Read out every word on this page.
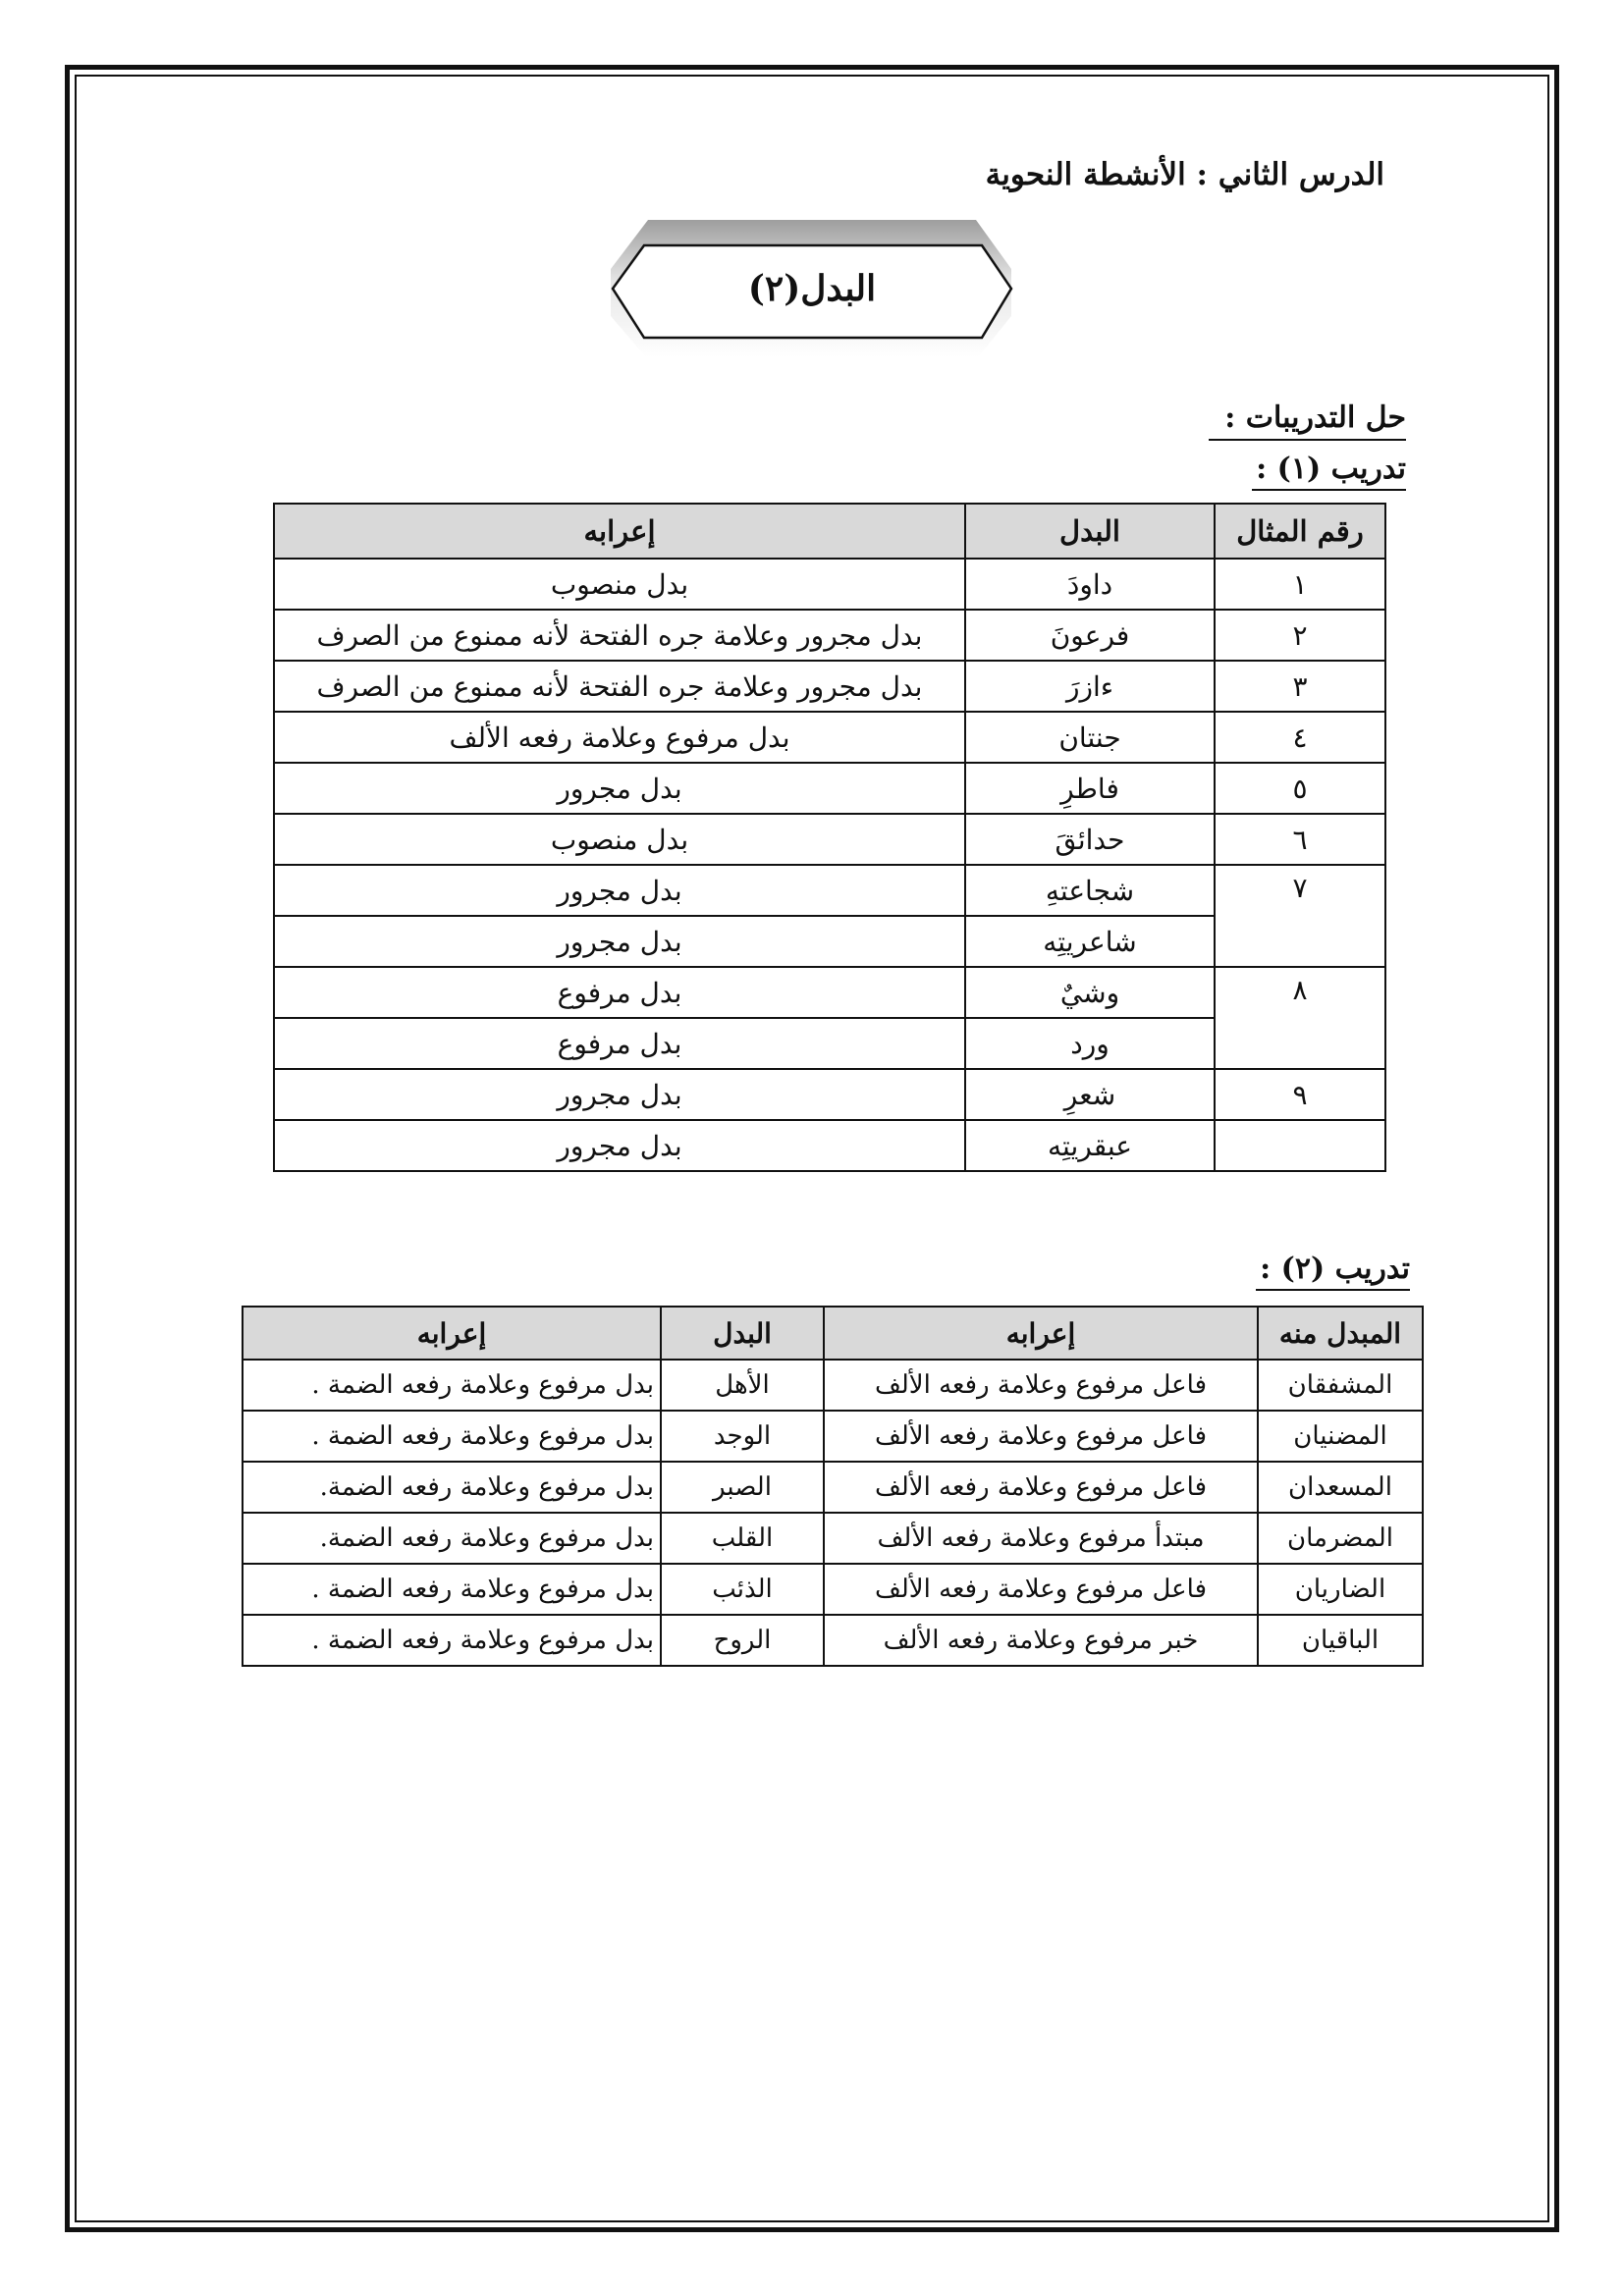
الدرس الثاني : الأنشطة النحوية
البدل(٢)
حل التدريبات :
تدريب (١) :
رقم المثال	البدل	إعرابه
١	داودَ	بدل منصوب
٢	فرعونَ	بدل مجرور وعلامة جره الفتحة لأنه ممنوع من الصرف
٣	ءازرَ	بدل مجرور وعلامة جره الفتحة لأنه ممنوع من الصرف
٤	جنتان	بدل مرفوع وعلامة رفعه الألف
٥	فاطرِ	بدل مجرور
٦	حدائقَ	بدل منصوب
٧	شجاعتهِ	بدل مجرور
	شاعريتِه	بدل مجرور
٨	وشيٌ	بدل مرفوع
	ورد	بدل مرفوع
٩	شعرِ	بدل مجرور
	عبقريتِه	بدل مجرور
تدريب (٢) :
المبدل منه	إعرابه	البدل	إعرابه
المشفقان	فاعل مرفوع وعلامة رفعه الألف	الأهل	بدل مرفوع وعلامة رفعه الضمة .
المضنيان	فاعل مرفوع وعلامة رفعه الألف	الوجد	بدل مرفوع وعلامة رفعه الضمة .
المسعدان	فاعل مرفوع وعلامة رفعه الألف	الصبر	بدل مرفوع وعلامة رفعه الضمة.
المضرمان	مبتدأ مرفوع وعلامة رفعه الألف	القلب	بدل مرفوع وعلامة رفعه الضمة.
الضاريان	فاعل مرفوع وعلامة رفعه الألف	الذئب	بدل مرفوع وعلامة رفعه الضمة .
الباقيان	خبر مرفوع وعلامة رفعه الألف	الروح	بدل مرفوع وعلامة رفعه الضمة .
